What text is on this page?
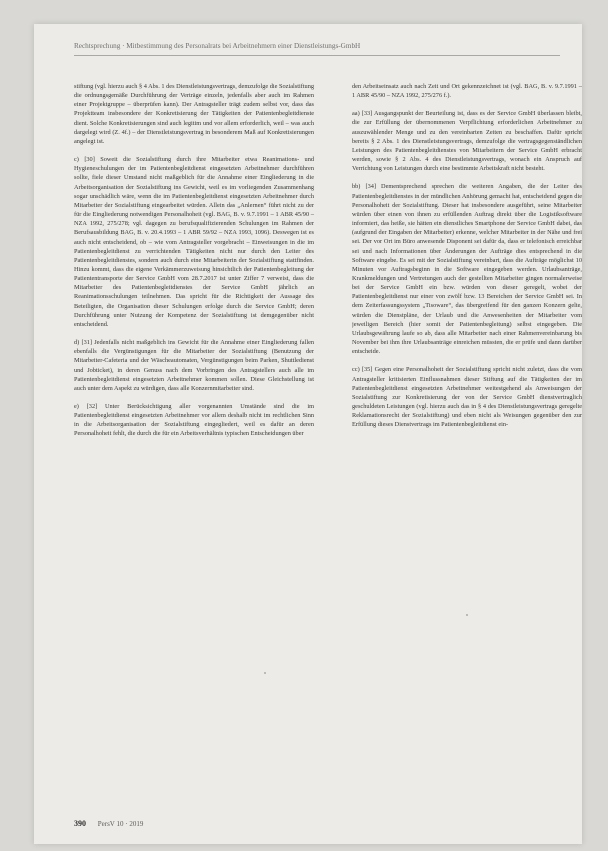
Rechtsprechung · Mitbestimmung des Personalrats bei Arbeitnehmern einer Dienstleistungs-GmbH

stiftung (vgl. hierzu auch § 4 Abs. 1 des Dienstleistungsvertrags, demzufolge die Sozialstiftung die ordnungsgemäße Durchführung der Verträge einzeln, jedenfalls aber auch im Rahmen einer Projektgruppe – überprüfen kann). Der Antragsteller trägt zudem selbst vor, dass das Projektteam insbesondere der Konkretisierung der Tätigkeiten der Patientenbegleitdienste dient. Solche Konkretisierungen sind auch legitim und vor allem erforderlich, weil – was auch dargelegt wird (Z. 4f.) – der Dienstleistungsvertrag in besonderem Maß auf Konkretisierungen angelegt ist.

c) [30] Soweit die Sozialstiftung durch ihre Mitarbeiter etwa Reanimations- und Hygieneschulungen der im Patientenbegleitdienst eingesetzten Arbeitnehmer durchführen sollte, fiele dieser Umstand nicht maßgeblich für die Annahme einer Eingliederung in die Arbeitsorganisation der Sozialstiftung ins Gewicht, weil es im vorliegenden Zusammenhang sogar unschädlich wäre, wenn die im Patientenbegleitdienst eingesetzten Arbeitnehmer durch Mitarbeiter der Sozialstiftung eingearbeitet würden. Allein das „Anlernen“ führt nicht zu der für die Eingliederung notwendigen Personalhoheit (vgl. BAG, B. v. 9.7.1991 – 1 ABR 45/90 – NZA 1992, 275/278; vgl. dagegen zu berufsqualifizierenden Schulungen im Rahmen der Berufsausbildung BAG, B. v. 20.4.1993 – 1 ABR 59/92 – NZA 1993, 1096). Deswegen ist es auch nicht entscheidend, ob – wie vom Antragsteller vorgebracht – Einweisungen in die im Patientenbegleitdienst zu verrichtenden Tätigkeiten nicht nur durch den Leiter des Patientenbegleitdienstes, sondern auch durch eine Mitarbeiterin der Sozialstiftung stattfinden. Hinzu kommt, dass die eigene Verkämmerzuweisung hinsichtlich der Patientenbegleitung der Patiententransporte der Service GmbH vom 28.7.2017 ist unter Ziffer 7 verweist, dass die Mitarbeiter des Patientenbegleitdienstes der Service GmbH jährlich an Reanimationsschulungen teilnehmen. Das spricht für die Richtigkeit der Aussage des Beteiligten, die Organisation dieser Schulungen erfolge durch die Service GmbH; deren Durchführung unter Nutzung der Kompetenz der Sozialstiftung ist demgegenüber nicht entscheidend.

d) [31] Jedenfalls nicht maßgeblich ins Gewicht für die Annahme einer Eingliederung fallen ebenfalls die Vergünstigungen für die Mitarbeiter der Sozialstiftung (Benutzung der Mitarbeiter-Cafeteria und der Wäscheautomaten, Vergünstigungen beim Parken, Shuttledienst und Jobticket), in deren Genuss nach dem Vorbringen des Antragstellers auch alle im Patientenbegleitdienst eingesetzten Arbeitnehmer kommen sollen. Diese Gleichstellung ist auch unter dem Aspekt zu würdigen, dass alle Konzernmitarbeiter sind.

e) [32] Unter Berücksichtigung aller vorgenannten Umstände sind die im Patientenbegleitdienst eingesetzten Arbeitnehmer vor allem deshalb nicht im rechtlichen Sinn in die Arbeitsorganisation der Sozialstiftung eingegliedert, weil es dafür an deren Personalhoheit fehlt, die durch die für ein Arbeitsverhältnis typischen Entscheidungen über

den Arbeitseinsatz auch nach Zeit und Ort gekennzeichnet ist (vgl. BAG, B. v. 9.7.1991 – 1 ABR 45/90 – NZA 1992, 275/276 f.).

aa) [33] Ausgangspunkt der Beurteilung ist, dass es der Service GmbH überlassen bleibt, die zur Erfüllung der übernommenen Verpflichtung erforderlichen Arbeitnehmer zu auszuwählender Menge und zu den vereinbarten Zeiten zu beschaffen. Dafür spricht bereits § 2 Abs. 1 des Dienstleistungsvertrags, demzufolge die vertragsgegenständlichen Leistungen des Patientenbegleitdienstes von Mitarbeitern der Service GmbH erbracht werden, sowie § 2 Abs. 4 des Dienstleistungsvertrags, wonach ein Anspruch auf Verrichtung von Leistungen durch eine bestimmte Arbeitskraft nicht besteht.

bb) [34] Dementsprechend sprechen die weiteren Angaben, die der Leiter des Patientenbegleitdienstes in der mündlichen Anhörung gemacht hat, entscheidend gegen die Personalhoheit der Sozialstiftung. Dieser hat insbesondere ausgeführt, seine Mitarbeiter würden über einen von ihnen zu erfüllenden Auftrag direkt über die Logistiksoftware informiert, das heiße, sie hätten ein dienstliches Smartphone der Service GmbH dabei, das (aufgrund der Eingaben der Mitarbeiter) erkenne, welcher Mitarbeiter in der Nähe und frei sei. Der vor Ort im Büro anwesende Disponent sei dafür da, dass er telefonisch erreichbar sei und nach Informationen über Änderungen der Aufträge dies entsprechend in die Software eingebe. Es sei mit der Sozialstiftung vereinbart, dass die Aufträge möglichst 10 Minuten vor Auftragsbeginn in die Software eingegeben werden. Urlaubsanträge, Krankmeldungen und Vertretungen auch der gestellten Mitarbeiter gingen normalerweise bei der Service GmbH ein bzw. würden von dieser geregelt, wobei der Patientenbegleitdienst nur einer von zwölf bzw. 13 Bereichen der Service GmbH sei. In dem Zeiterfassungssystem „Tisoware“, das übergreifend für den ganzen Konzern gelte, würden die Dienstpläne, der Urlaub und die Anwesenheiten der Mitarbeiter vom jeweiligen Bereich (hier somit der Patientenbegleitung) selbst eingegeben. Die Urlaubsgewährung laufe so ab, dass alle Mitarbeiter nach einer Rahmenvereinbarung bis November bei ihm ihre Urlaubsanträge einreichen müssten, die er prüfe und dann darüber entscheide.

cc) [35] Gegen eine Personalhoheit der Sozialstiftung spricht nicht zuletzt, dass die vom Antragsteller kritisierten Einflussnahmen dieser Stiftung auf die Tätigkeiten der im Patientenbegleitdienst eingesetzten Arbeitnehmer weitestgehend als Anweisungen der Sozialstiftung zur Konkretisierung der von der Service GmbH dienstvertraglich geschuldeten Leistungen (vgl. hierzu auch das in § 4 des Dienstleistungsvertrags geregelte Reklamationsrecht der Sozialstiftung) und eben nicht als Weisungen gegenüber den zur Erfüllung dieses Dienstvertrags im Patientenbegleitdienst ein-

390 PersV 10 · 2019
